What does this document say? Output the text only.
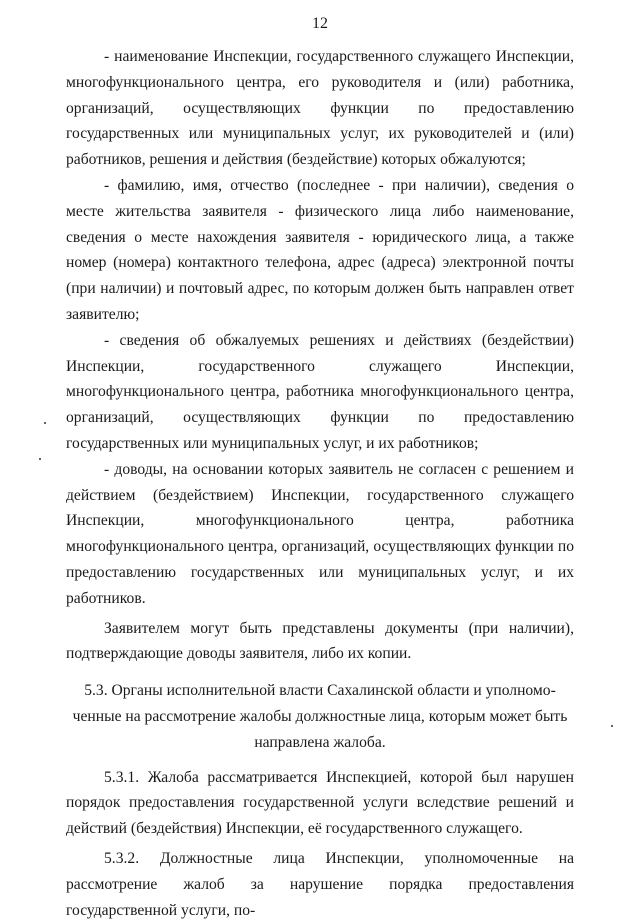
12

- наименование Инспекции, государственного служащего Инспекции, многофункционального центра, его руководителя и (или) работника, организаций, осуществляющих функции по предоставлению государственных или муниципальных услуг, их руководителей и (или) работников, решения и действия (бездействие) которых обжалуются;

- фамилию, имя, отчество (последнее - при наличии), сведения о месте жительства заявителя - физического лица либо наименование, сведения о месте нахождения заявителя - юридического лица, а также номер (номера) контактного телефона, адрес (адреса) электронной почты (при наличии) и почтовый адрес, по которым должен быть направлен ответ заявителю;

- сведения об обжалуемых решениях и действиях (бездействии) Инспекции, государственного служащего Инспекции, многофункционального центра, работника многофункционального центра, организаций, осуществляющих функции по предоставлению государственных или муниципальных услуг, и их работников;

- доводы, на основании которых заявитель не согласен с решением и действием (бездействием) Инспекции, государственного служащего Инспекции, многофункционального центра, работника многофункционального центра, организаций, осуществляющих функции по предоставлению государственных или муниципальных услуг, и их работников.

Заявителем могут быть представлены документы (при наличии), подтверждающие доводы заявителя, либо их копии.

5.3. Органы исполнительной власти Сахалинской области и уполномо-
ченные на рассмотрение жалобы должностные лица, которым может быть
направлена жалоба.

5.3.1. Жалоба рассматривается Инспекцией, которой был нарушен порядок предоставления государственной услуги вследствие решений и действий (бездействия) Инспекции, её государственного служащего.

5.3.2. Должностные лица Инспекции, уполномоченные на рассмотрение жалоб за нарушение порядка предоставления государственной услуги, по-
